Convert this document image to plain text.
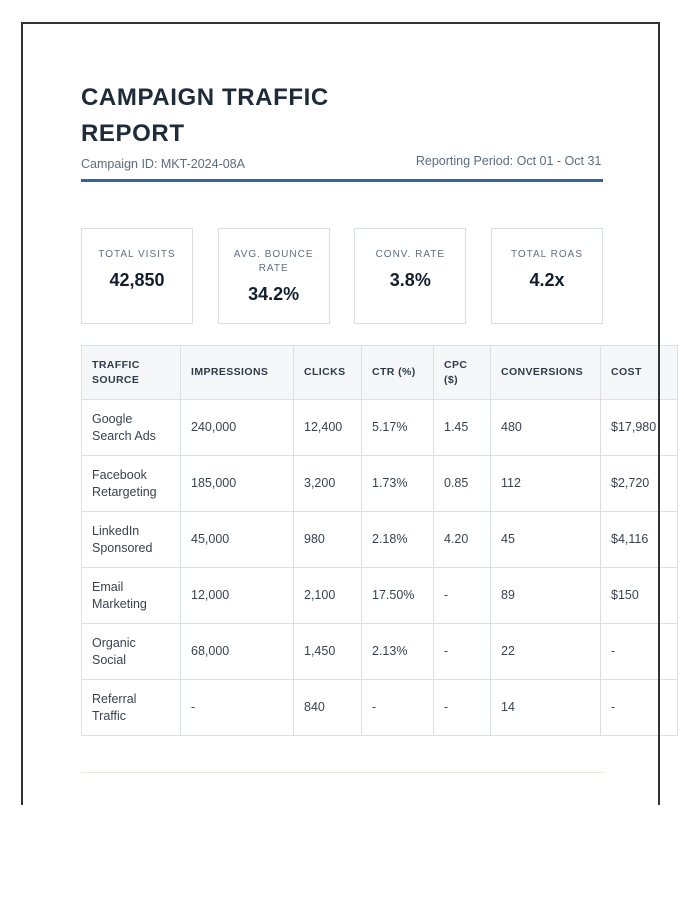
CAMPAIGN TRAFFIC REPORT
Campaign ID: MKT-2024-08A	Reporting Period: Oct 01 - Oct 31
TOTAL VISITS
42,850
AVG. BOUNCE RATE
34.2%
CONV. RATE
3.8%
TOTAL ROAS
4.2x
TRAFFIC SOURCE	IMPRESSIONS	CLICKS	CTR (%)	CPC ($)	CONVERSIONS	COST
Google Search Ads	240,000	12,400	5.17%	1.45	480	$17,980
Facebook Retargeting	185,000	3,200	1.73%	0.85	112	$2,720
LinkedIn Sponsored	45,000	980	2.18%	4.20	45	$4,116
Email Marketing	12,000	2,100	17.50%	-	89	$150
Organic Social	68,000	1,450	2.13%	-	22	-
Referral Traffic	-	840	-	-	14	-
